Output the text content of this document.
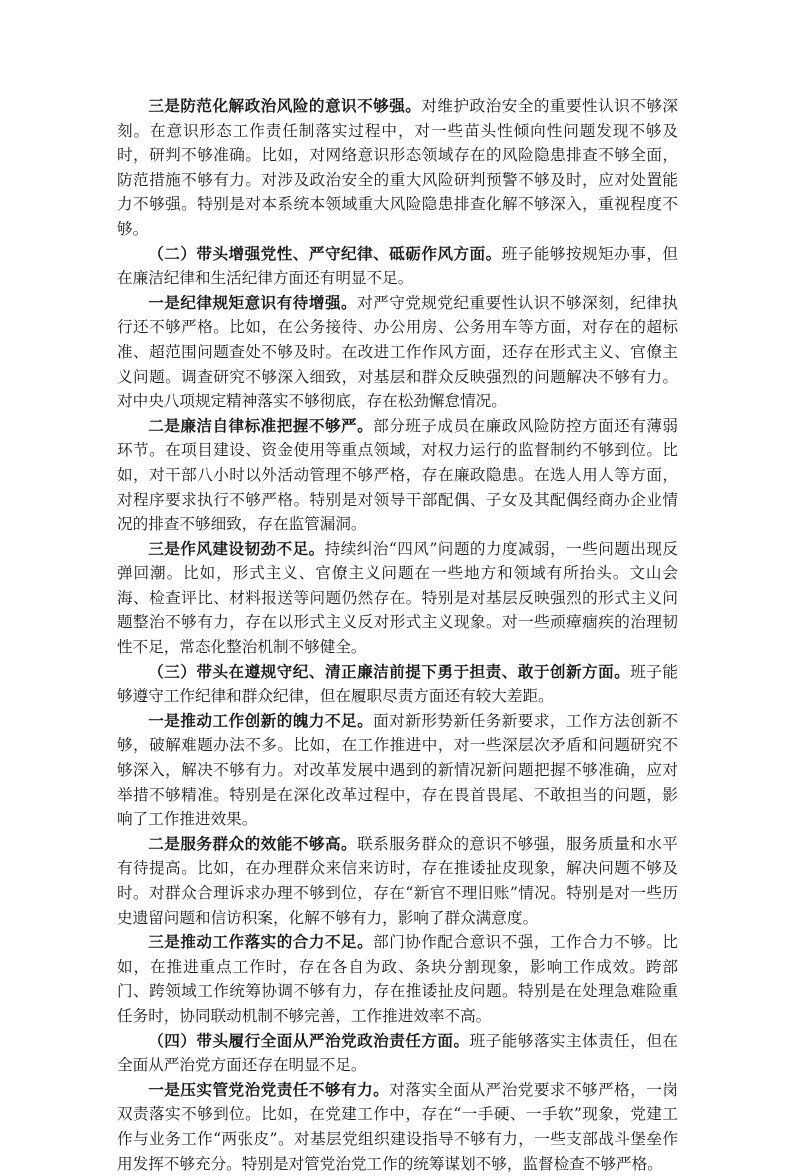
三是防范化解政治风险的意识不够强。对维护政治安全的重要性认识不够深刻。在意识形态工作责任制落实过程中，对一些苗头性倾向性问题发现不够及时，研判不够准确。比如，对网络意识形态领域存在的风险隐患排查不够全面，防范措施不够有力。对涉及政治安全的重大风险研判预警不够及时，应对处置能力不够强。特别是对本系统本领域重大风险隐患排查化解不够深入，重视程度不够。

（二）带头增强党性、严守纪律、砥砺作风方面。班子能够按规矩办事，但在廉洁纪律和生活纪律方面还有明显不足。

一是纪律规矩意识有待增强。对严守党规党纪重要性认识不够深刻，纪律执行还不够严格。比如，在公务接待、办公用房、公务用车等方面，对存在的超标准、超范围问题查处不够及时。在改进工作作风方面，还存在形式主义、官僚主义问题。调查研究不够深入细致，对基层和群众反映强烈的问题解决不够有力。对中央八项规定精神落实不够彻底，存在松劲懈怠情况。

二是廉洁自律标准把握不够严。部分班子成员在廉政风险防控方面还有薄弱环节。在项目建设、资金使用等重点领域，对权力运行的监督制约不够到位。比如，对干部八小时以外活动管理不够严格，存在廉政隐患。在选人用人等方面，对程序要求执行不够严格。特别是对领导干部配偶、子女及其配偶经商办企业情况的排查不够细致，存在监管漏洞。

三是作风建设韧劲不足。持续纠治“四风”问题的力度减弱，一些问题出现反弹回潮。比如，形式主义、官僚主义问题在一些地方和领域有所抬头。文山会海、检查评比、材料报送等问题仍然存在。特别是对基层反映强烈的形式主义问题整治不够有力，存在以形式主义反对形式主义现象。对一些顽瘴痼疾的治理韧性不足，常态化整治机制不够健全。

（三）带头在遵规守纪、清正廉洁前提下勇于担责、敢于创新方面。班子能够遵守工作纪律和群众纪律，但在履职尽责方面还有较大差距。

一是推动工作创新的魄力不足。面对新形势新任务新要求，工作方法创新不够，破解难题办法不多。比如，在工作推进中，对一些深层次矛盾和问题研究不够深入，解决不够有力。对改革发展中遇到的新情况新问题把握不够准确，应对举措不够精准。特别是在深化改革过程中，存在畏首畏尾、不敢担当的问题，影响了工作推进效果。

二是服务群众的效能不够高。联系服务群众的意识不够强，服务质量和水平有待提高。比如，在办理群众来信来访时，存在推诿扯皮现象，解决问题不够及时。对群众合理诉求办理不够到位，存在“新官不理旧账”情况。特别是对一些历史遗留问题和信访积案，化解不够有力，影响了群众满意度。

三是推动工作落实的合力不足。部门协作配合意识不强，工作合力不够。比如，在推进重点工作时，存在各自为政、条块分割现象，影响工作成效。跨部门、跨领域工作统筹协调不够有力，存在推诿扯皮问题。特别是在处理急难险重任务时，协同联动机制不够完善，工作推进效率不高。

（四）带头履行全面从严治党政治责任方面。班子能够落实主体责任，但在全面从严治党方面还存在明显不足。

一是压实管党治党责任不够有力。对落实全面从严治党要求不够严格，一岗双责落实不够到位。比如，在党建工作中，存在“一手硬、一手软”现象，党建工作与业务工作“两张皮”。对基层党组织建设指导不够有力，一些支部战斗堡垒作用发挥不够充分。特别是对管党治党工作的统筹谋划不够，监督检查不够严格。
